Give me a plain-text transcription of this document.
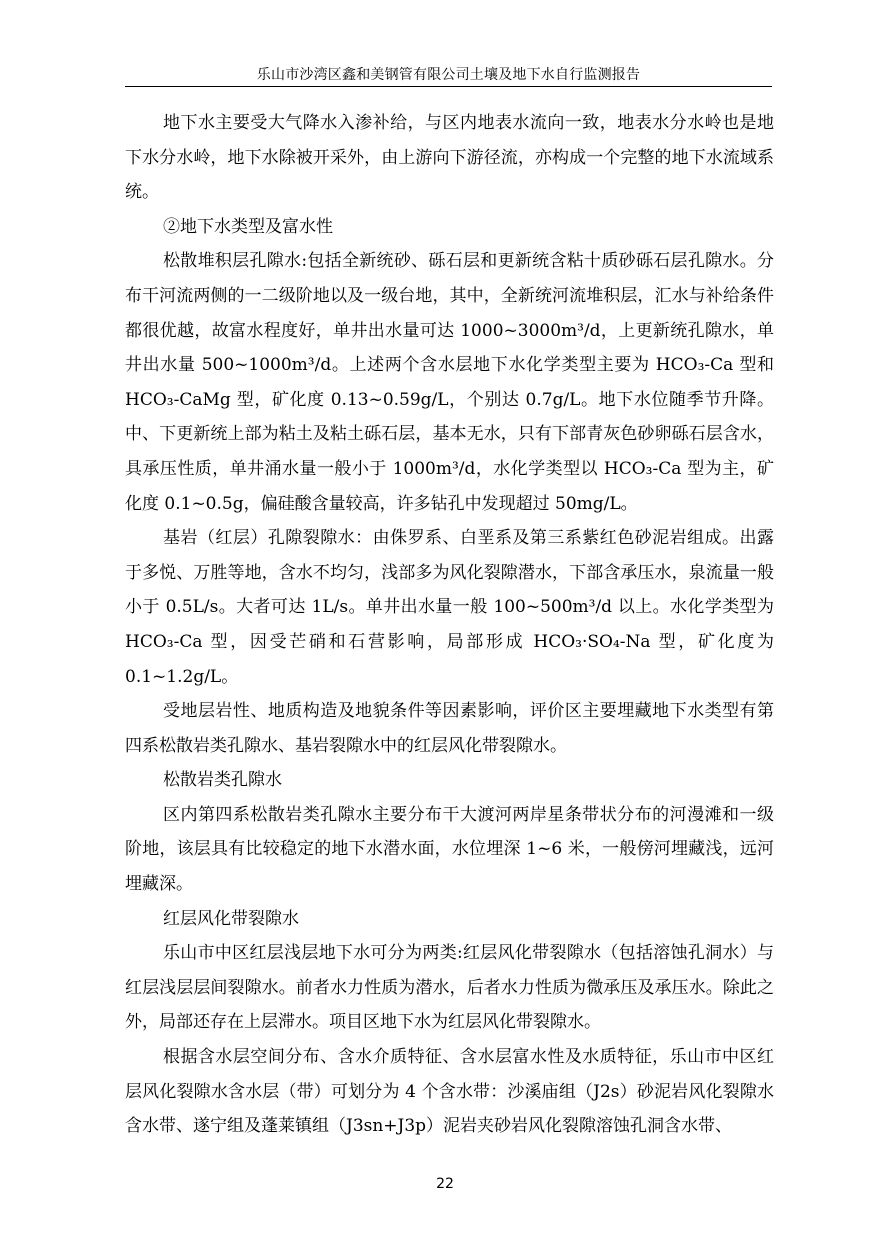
乐山市沙湾区鑫和美钢管有限公司土壤及地下水自行监测报告

地下水主要受大气降水入渗补给，与区内地表水流向一致，地表水分水岭也是地下水分水岭，地下水除被开采外，由上游向下游径流，亦构成一个完整的地下水流域系统。

②地下水类型及富水性

松散堆积层孔隙水:包括全新统砂、砾石层和更新统含粘十质砂砾石层孔隙水。分布干河流两侧的一二级阶地以及一级台地，其中，全新统河流堆积层，汇水与补给条件都很优越，故富水程度好，单井出水量可达 1000~3000m³/d，上更新统孔隙水，单井出水量 500~1000m³/d。上述两个含水层地下水化学类型主要为 HCO₃-Ca 型和 HCO₃-CaMg 型，矿化度 0.13~0.59g/L，个别达 0.7g/L。地下水位随季节升降。中、下更新统上部为粘土及粘土砾石层，基本无水，只有下部青灰色砂卵砾石层含水，具承压性质，单井涌水量一般小于 1000m³/d，水化学类型以 HCO₃-Ca 型为主，矿化度 0.1~0.5g，偏硅酸含量较高，许多钻孔中发现超过 50mg/L。

基岩（红层）孔隙裂隙水：由侏罗系、白垩系及第三系紫红色砂泥岩组成。出露于多悦、万胜等地，含水不均匀，浅部多为风化裂隙潜水，下部含承压水，泉流量一般小于 0.5L/s。大者可达 1L/s。单井出水量一般 100~500m³/d 以上。水化学类型为 HCO₃-Ca 型，因受芒硝和石营影响，局部形成 HCO₃·SO₄-Na 型，矿化度为 0.1~1.2g/L。

受地层岩性、地质构造及地貌条件等因素影响，评价区主要埋藏地下水类型有第四系松散岩类孔隙水、基岩裂隙水中的红层风化带裂隙水。

松散岩类孔隙水

区内第四系松散岩类孔隙水主要分布干大渡河两岸星条带状分布的河漫滩和一级阶地，该层具有比较稳定的地下水潜水面，水位埋深 1~6 米，一般傍河埋藏浅，远河埋藏深。

红层风化带裂隙水

乐山市中区红层浅层地下水可分为两类:红层风化带裂隙水（包括溶蚀孔洞水）与红层浅层层间裂隙水。前者水力性质为潜水，后者水力性质为微承压及承压水。除此之外，局部还存在上层滞水。项目区地下水为红层风化带裂隙水。

根据含水层空间分布、含水介质特征、含水层富水性及水质特征，乐山市中区红层风化裂隙水含水层（带）可划分为 4 个含水带：沙溪庙组（J2s）砂泥岩风化裂隙水含水带、遂宁组及蓬莱镇组（J3sn+J3p）泥岩夹砂岩风化裂隙溶蚀孔洞含水带、

22
